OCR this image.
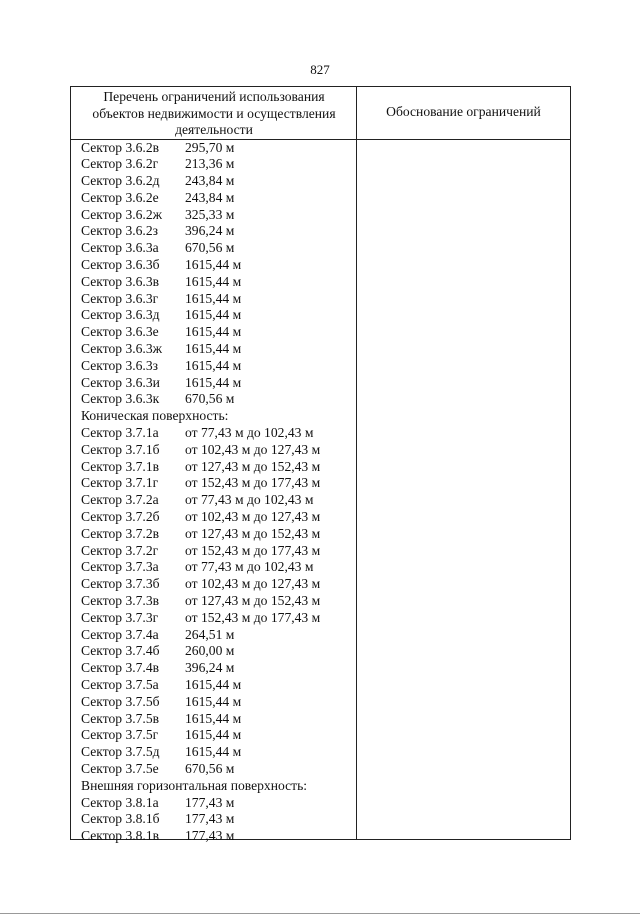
827
Перечень ограничений использования
объектов недвижимости и осуществления
деятельности
Обоснование ограничений
Сектор 3.6.2в 295,70 м
Сектор 3.6.2г 213,36 м
Сектор 3.6.2д 243,84 м
Сектор 3.6.2е 243,84 м
Сектор 3.6.2ж 325,33 м
Сектор 3.6.2з 396,24 м
Сектор 3.6.3а 670,56 м
Сектор 3.6.3б 1615,44 м
Сектор 3.6.3в 1615,44 м
Сектор 3.6.3г 1615,44 м
Сектор 3.6.3д 1615,44 м
Сектор 3.6.3е 1615,44 м
Сектор 3.6.3ж 1615,44 м
Сектор 3.6.3з 1615,44 м
Сектор 3.6.3и 1615,44 м
Сектор 3.6.3к 670,56 м
Коническая поверхность:
Сектор 3.7.1а от 77,43 м до 102,43 м
Сектор 3.7.1б от 102,43 м до 127,43 м
Сектор 3.7.1в от 127,43 м до 152,43 м
Сектор 3.7.1г от 152,43 м до 177,43 м
Сектор 3.7.2а от 77,43 м до 102,43 м
Сектор 3.7.2б от 102,43 м до 127,43 м
Сектор 3.7.2в от 127,43 м до 152,43 м
Сектор 3.7.2г от 152,43 м до 177,43 м
Сектор 3.7.3а от 77,43 м до 102,43 м
Сектор 3.7.3б от 102,43 м до 127,43 м
Сектор 3.7.3в от 127,43 м до 152,43 м
Сектор 3.7.3г от 152,43 м до 177,43 м
Сектор 3.7.4а 264,51 м
Сектор 3.7.4б 260,00 м
Сектор 3.7.4в 396,24 м
Сектор 3.7.5а 1615,44 м
Сектор 3.7.5б 1615,44 м
Сектор 3.7.5в 1615,44 м
Сектор 3.7.5г 1615,44 м
Сектор 3.7.5д 1615,44 м
Сектор 3.7.5е 670,56 м
Внешняя горизонтальная поверхность:
Сектор 3.8.1а 177,43 м
Сектор 3.8.1б 177,43 м
Сектор 3.8.1в 177,43 м
